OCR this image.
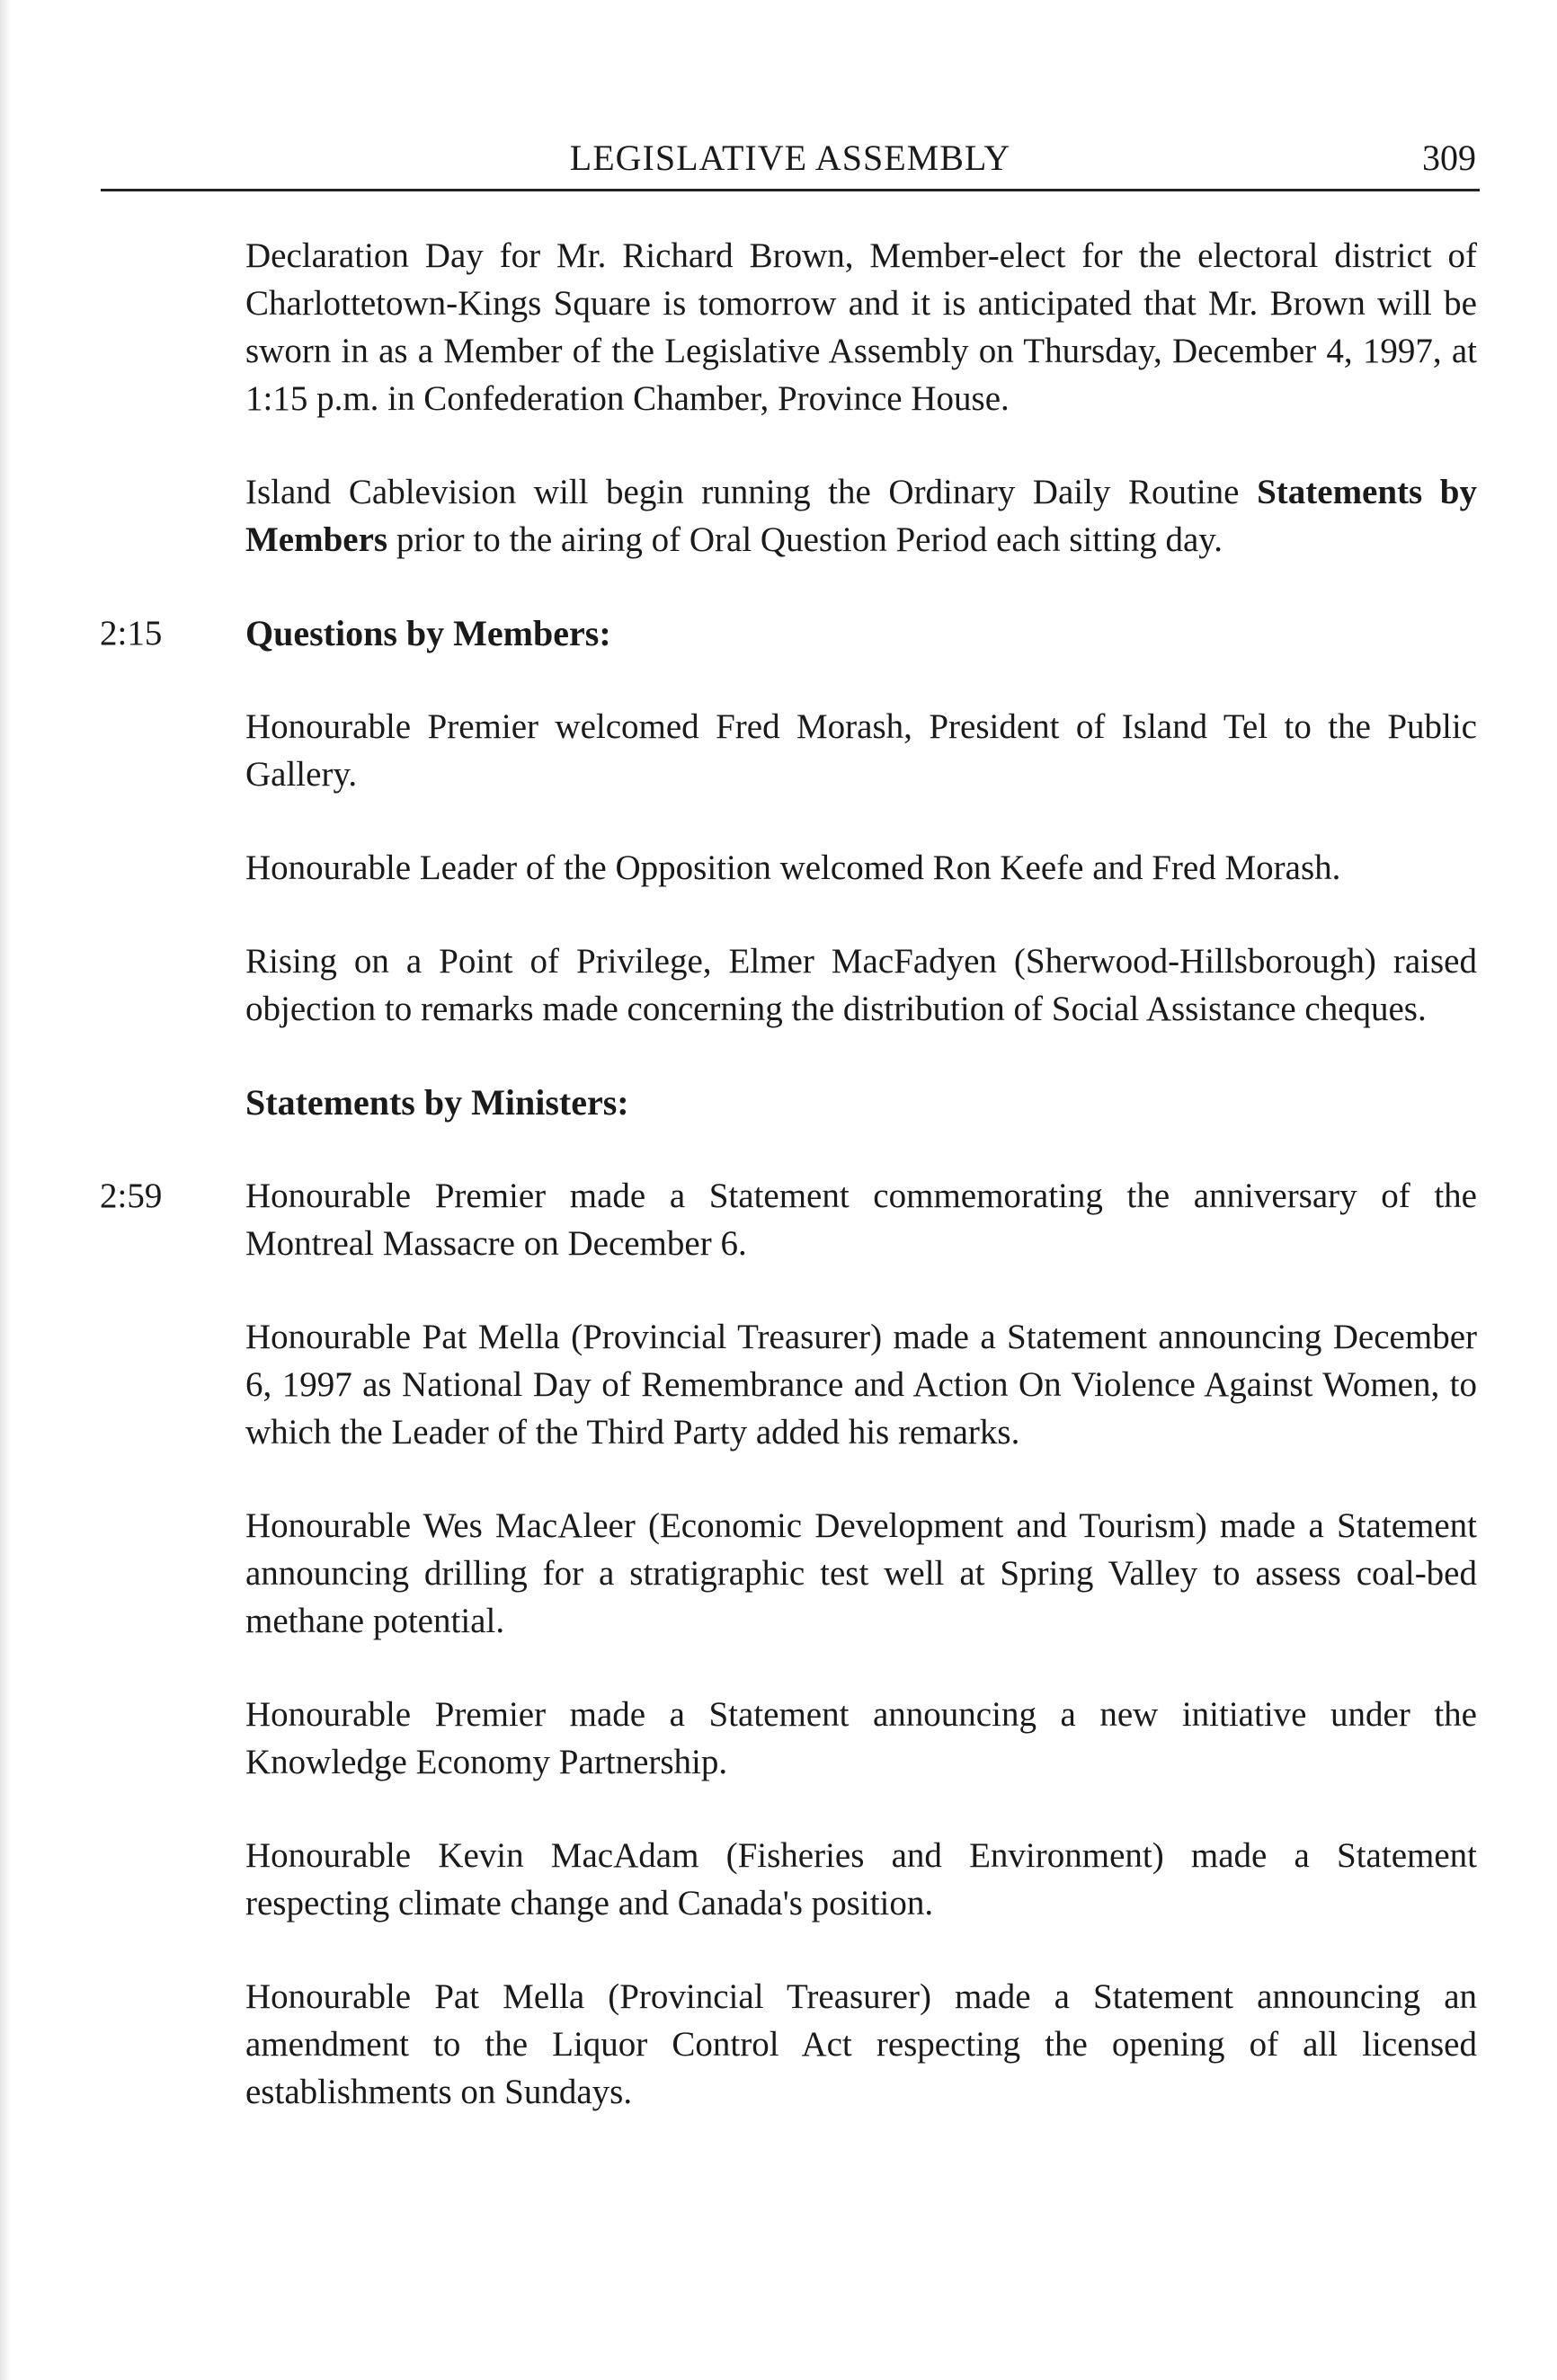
LEGISLATIVE ASSEMBLY	309
Declaration Day for Mr. Richard Brown, Member-elect for the electoral district of Charlottetown-Kings Square is tomorrow and it is anticipated that Mr. Brown will be sworn in as a Member of the Legislative Assembly on Thursday, December 4, 1997, at 1:15 p.m. in Confederation Chamber, Province House.
Island Cablevision will begin running the Ordinary Daily Routine Statements by Members prior to the airing of Oral Question Period each sitting day.
2:15 Questions by Members:
Honourable Premier welcomed Fred Morash, President of Island Tel to the Public Gallery.
Honourable Leader of the Opposition welcomed Ron Keefe and Fred Morash.
Rising on a Point of Privilege, Elmer MacFadyen (Sherwood-Hillsborough) raised objection to remarks made concerning the distribution of Social Assistance cheques.
Statements by Ministers:
2:59 Honourable Premier made a Statement commemorating the anniversary of the Montreal Massacre on December 6.
Honourable Pat Mella (Provincial Treasurer) made a Statement announcing December 6, 1997 as National Day of Remembrance and Action On Violence Against Women, to which the Leader of the Third Party added his remarks.
Honourable Wes MacAleer (Economic Development and Tourism) made a Statement announcing drilling for a stratigraphic test well at Spring Valley to assess coal-bed methane potential.
Honourable Premier made a Statement announcing a new initiative under the Knowledge Economy Partnership.
Honourable Kevin MacAdam (Fisheries and Environment) made a Statement respecting climate change and Canada's position.
Honourable Pat Mella (Provincial Treasurer) made a Statement announcing an amendment to the Liquor Control Act respecting the opening of all licensed establishments on Sundays.
